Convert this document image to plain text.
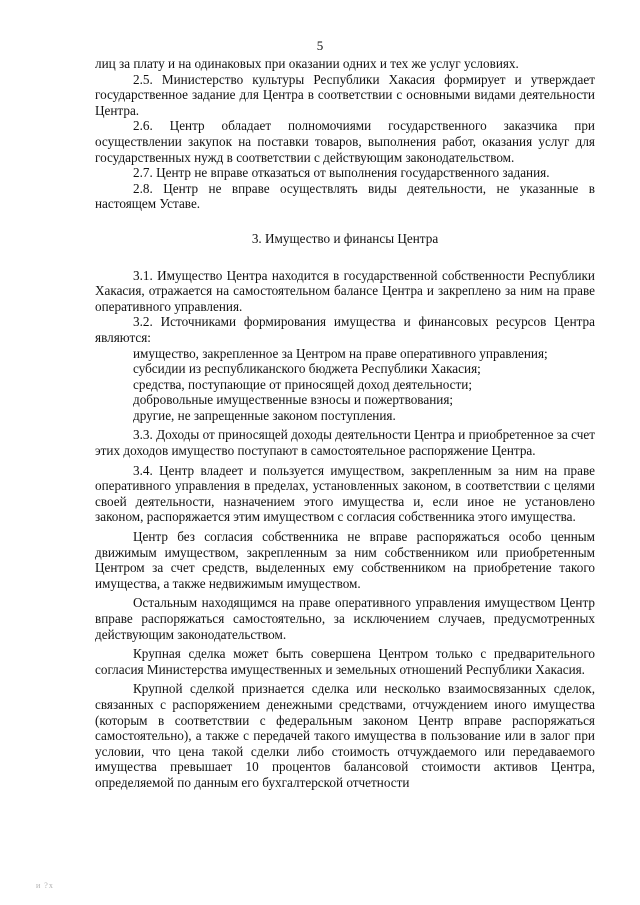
5

лиц за плату и на одинаковых при оказании одних и тех же услуг условиях.

2.5. Министерство культуры Республики Хакасия формирует и утверждает государственное задание для Центра в соответствии с основными видами деятельности Центра.

2.6. Центр обладает полномочиями государственного заказчика при осуществлении закупок на поставки товаров, выполнения работ, оказания услуг для государственных нужд в соответствии с действующим законодательством.

2.7. Центр не вправе отказаться от выполнения государственного задания.

2.8. Центр не вправе осуществлять виды деятельности, не указанные в настоящем Уставе.

3. Имущество и финансы Центра

3.1. Имущество Центра находится в государственной собственности Республики Хакасия, отражается на самостоятельном балансе Центра и закреплено за ним на праве оперативного управления.

3.2. Источниками формирования имущества и финансовых ресурсов Центра являются:

имущество, закрепленное за Центром на праве оперативного управления;

субсидии из республиканского бюджета Республики Хакасия;

средства, поступающие от приносящей доход деятельности;

добровольные имущественные взносы и пожертвования;

другие, не запрещенные законом поступления.

3.3. Доходы от приносящей доходы деятельности Центра и приобретенное за счет этих доходов имущество поступают в самостоятельное распоряжение Центра.

3.4. Центр владеет и пользуется имуществом, закрепленным за ним на праве оперативного управления в пределах, установленных законом, в соответствии с целями своей деятельности, назначением этого имущества и, если иное не установлено законом, распоряжается этим имуществом с согласия собственника этого имущества.

Центр без согласия собственника не вправе распоряжаться особо ценным движимым имуществом, закрепленным за ним собственником или приобретенным Центром за счет средств, выделенных ему собственником на приобретение такого имущества, а также недвижимым имуществом.

Остальным находящимся на праве оперативного управления имуществом Центр вправе распоряжаться самостоятельно, за исключением случаев, предусмотренных действующим законодательством.

Крупная сделка может быть совершена Центром только с предварительного согласия Министерства имущественных и земельных отношений Республики Хакасия.

Крупной сделкой признается сделка или несколько взаимосвязанных сделок, связанных с распоряжением денежными средствами, отчуждением иного имущества (которым в соответствии с федеральным законом Центр вправе распоряжаться самостоятельно), а также с передачей такого имущества в пользование или в залог при условии, что цена такой сделки либо стоимость отчуждаемого или передаваемого имущества превышает 10 процентов балансовой стоимости активов Центра, определяемой по данным его бухгалтерской отчетности

и ?х
